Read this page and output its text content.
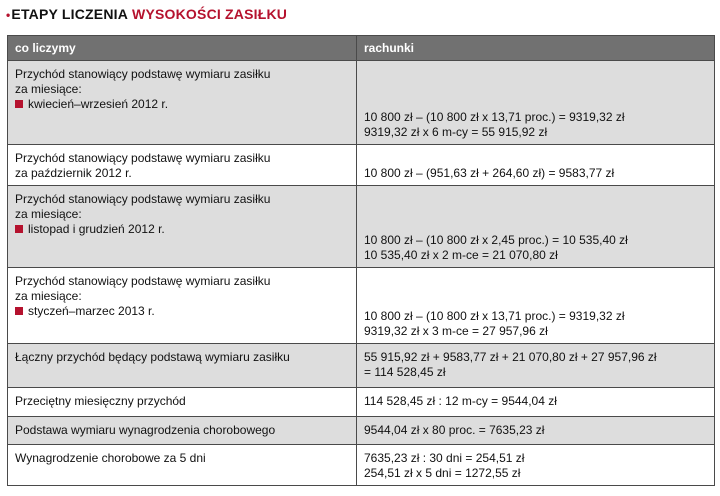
•ETAPY LICZENIA WYSOKOŚCI ZASIŁKU
co liczymy	rachunki

Przychód stanowiący podstawę wymiaru zasiłku
za miesiące:
kwiecień–wrzesień 2012 r.	10 800 zł – (10 800 zł x 13,71 proc.) = 9319,32 zł
9319,32 zł x 6 m-cy = 55 915,92 zł

Przychód stanowiący podstawę wymiaru zasiłku
za październik 2012 r.	10 800 zł – (951,63 zł + 264,60 zł) = 9583,77 zł

Przychód stanowiący podstawę wymiaru zasiłku
za miesiące:
listopad i grudzień 2012 r.	10 800 zł – (10 800 zł x 2,45 proc.) = 10 535,40 zł
10 535,40 zł x 2 m-ce = 21 070,80 zł

Przychód stanowiący podstawę wymiaru zasiłku
za miesiące:
styczeń–marzec 2013 r.	10 800 zł – (10 800 zł x 13,71 proc.) = 9319,32 zł
9319,32 zł x 3 m-ce = 27 957,96 zł

Łączny przychód będący podstawą wymiaru zasiłku	55 915,92 zł + 9583,77 zł + 21 070,80 zł + 27 957,96 zł
= 114 528,45 zł

Przeciętny miesięczny przychód	114 528,45 zł : 12 m-cy = 9544,04 zł

Podstawa wymiaru wynagrodzenia chorobowego	9544,04 zł x 80 proc. = 7635,23 zł

Wynagrodzenie chorobowe za 5 dni	7635,23 zł : 30 dni = 254,51 zł
254,51 zł x 5 dni = 1272,55 zł
